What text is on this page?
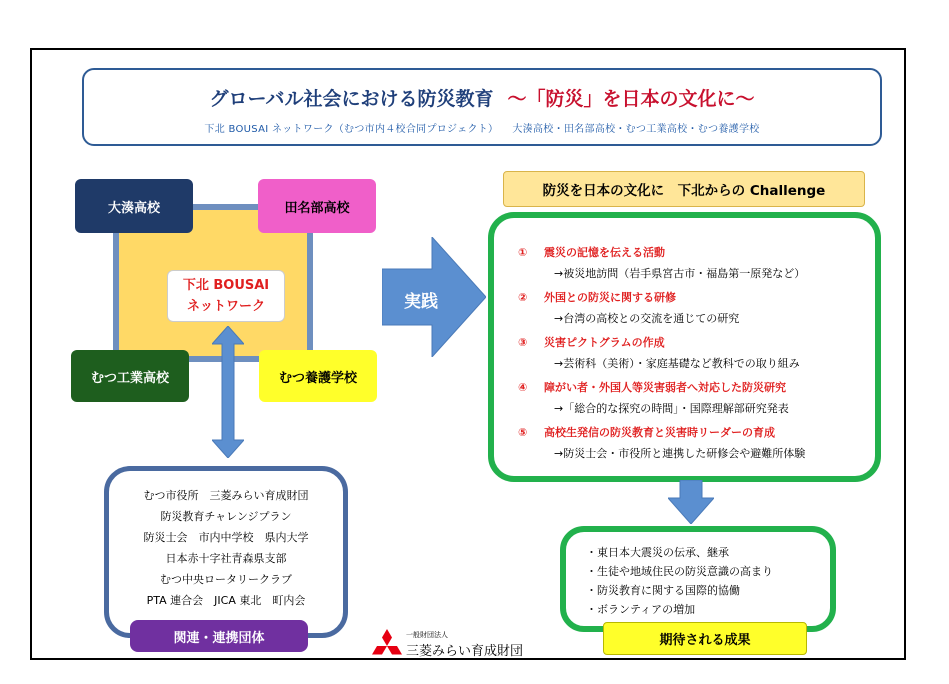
グローバル社会における防災教育 ～「防災」を日本の文化に～
下北 BOUSAI ネットワーク（むつ市内４校合同プロジェクト） 大湊高校・田名部高校・むつ工業高校・むつ養護学校
下北 BOUSAI
ネットワーク
大湊高校	田名部高校
むつ工業高校	むつ養護学校
実践
むつ市役所　三菱みらい育成財団
防災教育チャレンジプラン
防災士会　市内中学校　県内大学
日本赤十字社青森県支部
むつ中央ロータリークラブ
PTA 連合会　JICA 東北　町内会
関連・連携団体
防災を日本の文化に　下北からの Challenge
① 震災の記憶を伝える活動
→被災地訪問（岩手県宮古市・福島第一原発など）
② 外国との防災に関する研修
→台湾の高校との交流を通じての研究
③ 災害ピクトグラムの作成
→芸術科（美術）・家庭基礎など教科での取り組み
④ 障がい者・外国人等災害弱者へ対応した防災研究
→「総合的な探究の時間」・国際理解部研究発表
⑤ 高校生発信の防災教育と災害時リーダーの育成
→防災士会・市役所と連携した研修会や避難所体験
・東日本大震災の伝承、継承
・生徒や地域住民の防災意識の高まり
・防災教育に関する国際的協働
・ボランティアの増加
期待される成果
一般財団法人
三菱みらい育成財団
